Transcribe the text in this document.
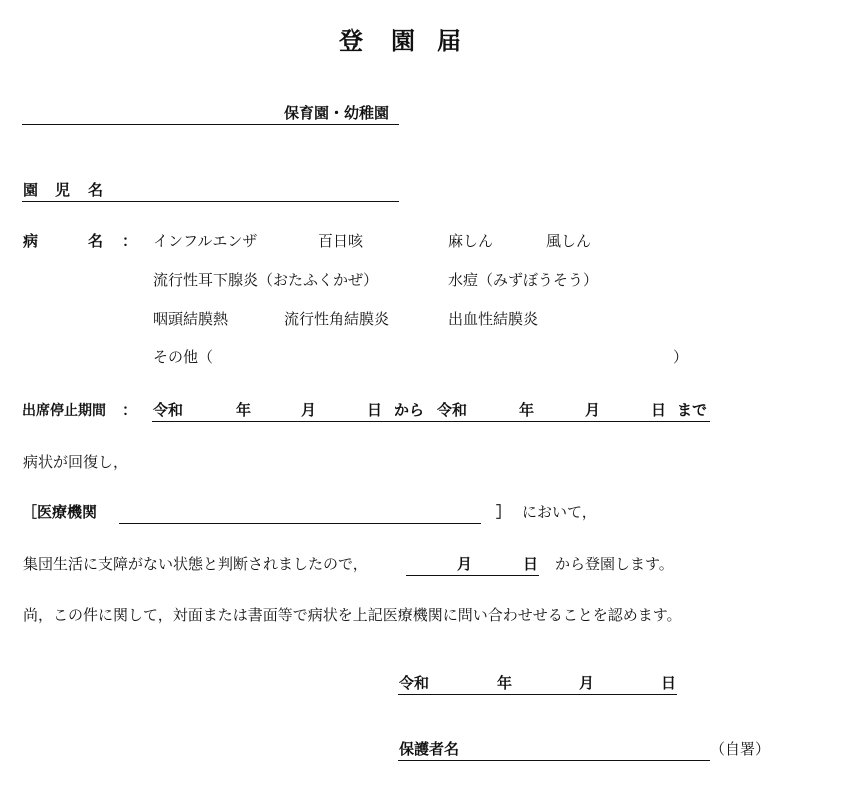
登 園 届
保育園・幼稚園
園 児 名
病	名 ： インフルエンザ	百日咳	麻しん	風しん
流行性耳下腺炎（おたふくかぜ）	水痘（みずぼうそう）
咽頭結膜熱	流行性角結膜炎	出血性結膜炎
その他（	）
出席停止期間 ： 令和	年	月	日 から 令和	年	月	日 まで
病状が回復し，
［医療機関	］ において，
集団生活に支障がない状態と判断されましたので，	月	日 から登園します。
尚，この件に関して，対面または書面等で病状を上記医療機関に問い合わせせることを認めます。
令和	年	月	日
保護者名	（自署）
